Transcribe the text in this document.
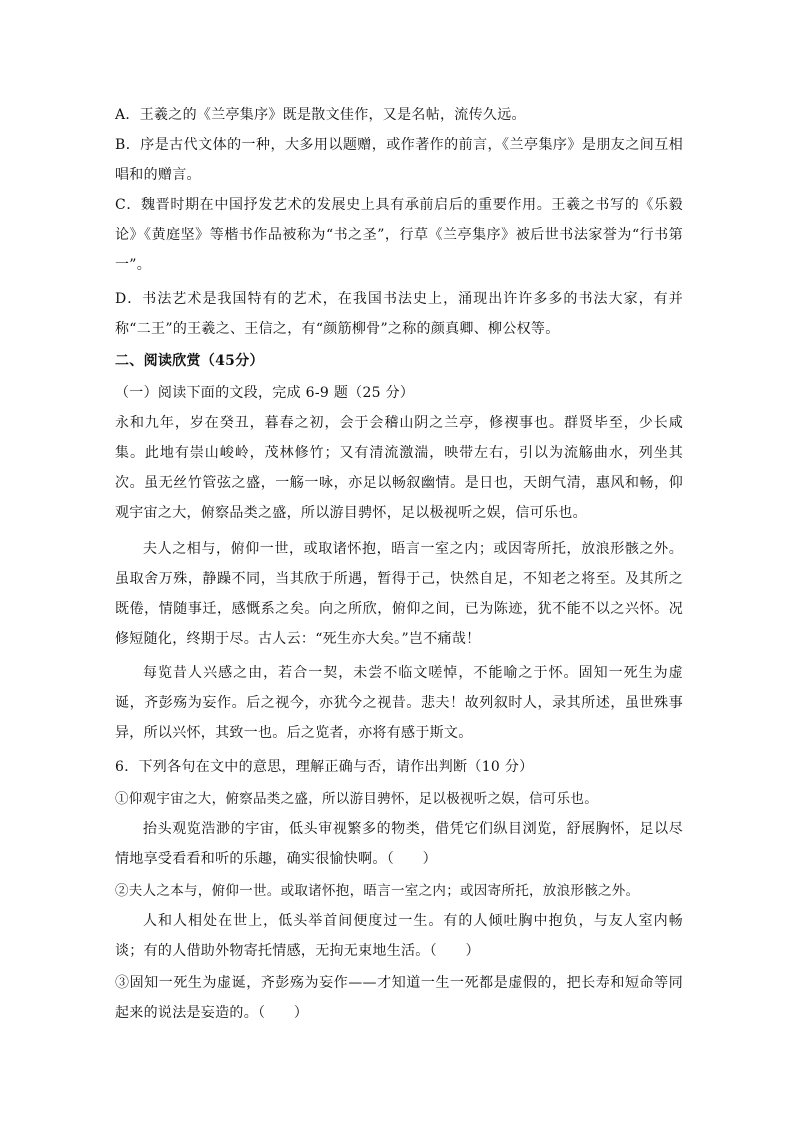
A．王羲之的《兰亭集序》既是散文佳作，又是名帖，流传久远。

B．序是古代文体的一种，大多用以题赠，或作著作的前言，《兰亭集序》是朋友之间互相唱和的赠言。

C．魏晋时期在中国抒发艺术的发展史上具有承前启后的重要作用。王羲之书写的《乐毅论》《黄庭坚》等楷书作品被称为“书之圣”，行草《兰亭集序》被后世书法家誉为“行书第一”。

D．书法艺术是我国特有的艺术，在我国书法史上，涌现出许许多多的书法大家，有并称“二王”的王羲之、王信之，有“颜筋柳骨”之称的颜真卿、柳公权等。

二、阅读欣赏（45分）

（一）阅读下面的文段，完成 6-9 题（25 分）

永和九年，岁在癸丑，暮春之初，会于会稽山阴之兰亭，修禊事也。群贤毕至，少长咸集。此地有崇山峻岭，茂林修竹；又有清流激湍，映带左右，引以为流觞曲水，列坐其次。虽无丝竹管弦之盛，一觞一咏，亦足以畅叙幽情。是日也，天朗气清，惠风和畅，仰观宇宙之大，俯察品类之盛，所以游目骋怀，足以极视听之娱，信可乐也。

夫人之相与，俯仰一世，或取诸怀抱，晤言一室之内；或因寄所托，放浪形骸之外。虽取舍万殊，静躁不同，当其欣于所遇，暂得于己，快然自足，不知老之将至。及其所之既倦，情随事迁，感慨系之矣。向之所欣，俯仰之间，已为陈迹，犹不能不以之兴怀。况修短随化，终期于尽。古人云：“死生亦大矣。”岂不痛哉！

每览昔人兴感之由，若合一契，未尝不临文嗟悼，不能喻之于怀。固知一死生为虚诞，齐彭殇为妄作。后之视今，亦犹今之视昔。悲夫！故列叙时人，录其所述，虽世殊事异，所以兴怀，其致一也。后之览者，亦将有感于斯文。

6．下列各句在文中的意思，理解正确与否，请作出判断（10 分）

①仰观宇宙之大，俯察品类之盛，所以游目骋怀，足以极视听之娱，信可乐也。

抬头观览浩渺的宇宙，低头审视繁多的物类，借凭它们纵目浏览，舒展胸怀，足以尽情地享受看看和听的乐趣，确实很愉快啊。（　　）

②夫人之本与，俯仰一世。或取诸怀抱，晤言一室之内；或因寄所托，放浪形骸之外。

人和人相处在世上，低头举首间便度过一生。有的人倾吐胸中抱负，与友人室内畅谈；有的人借助外物寄托情感，无拘无束地生活。（　　）

③固知一死生为虚诞，齐彭殇为妄作——才知道一生一死都是虚假的，把长寿和短命等同起来的说法是妄造的。（　　）
